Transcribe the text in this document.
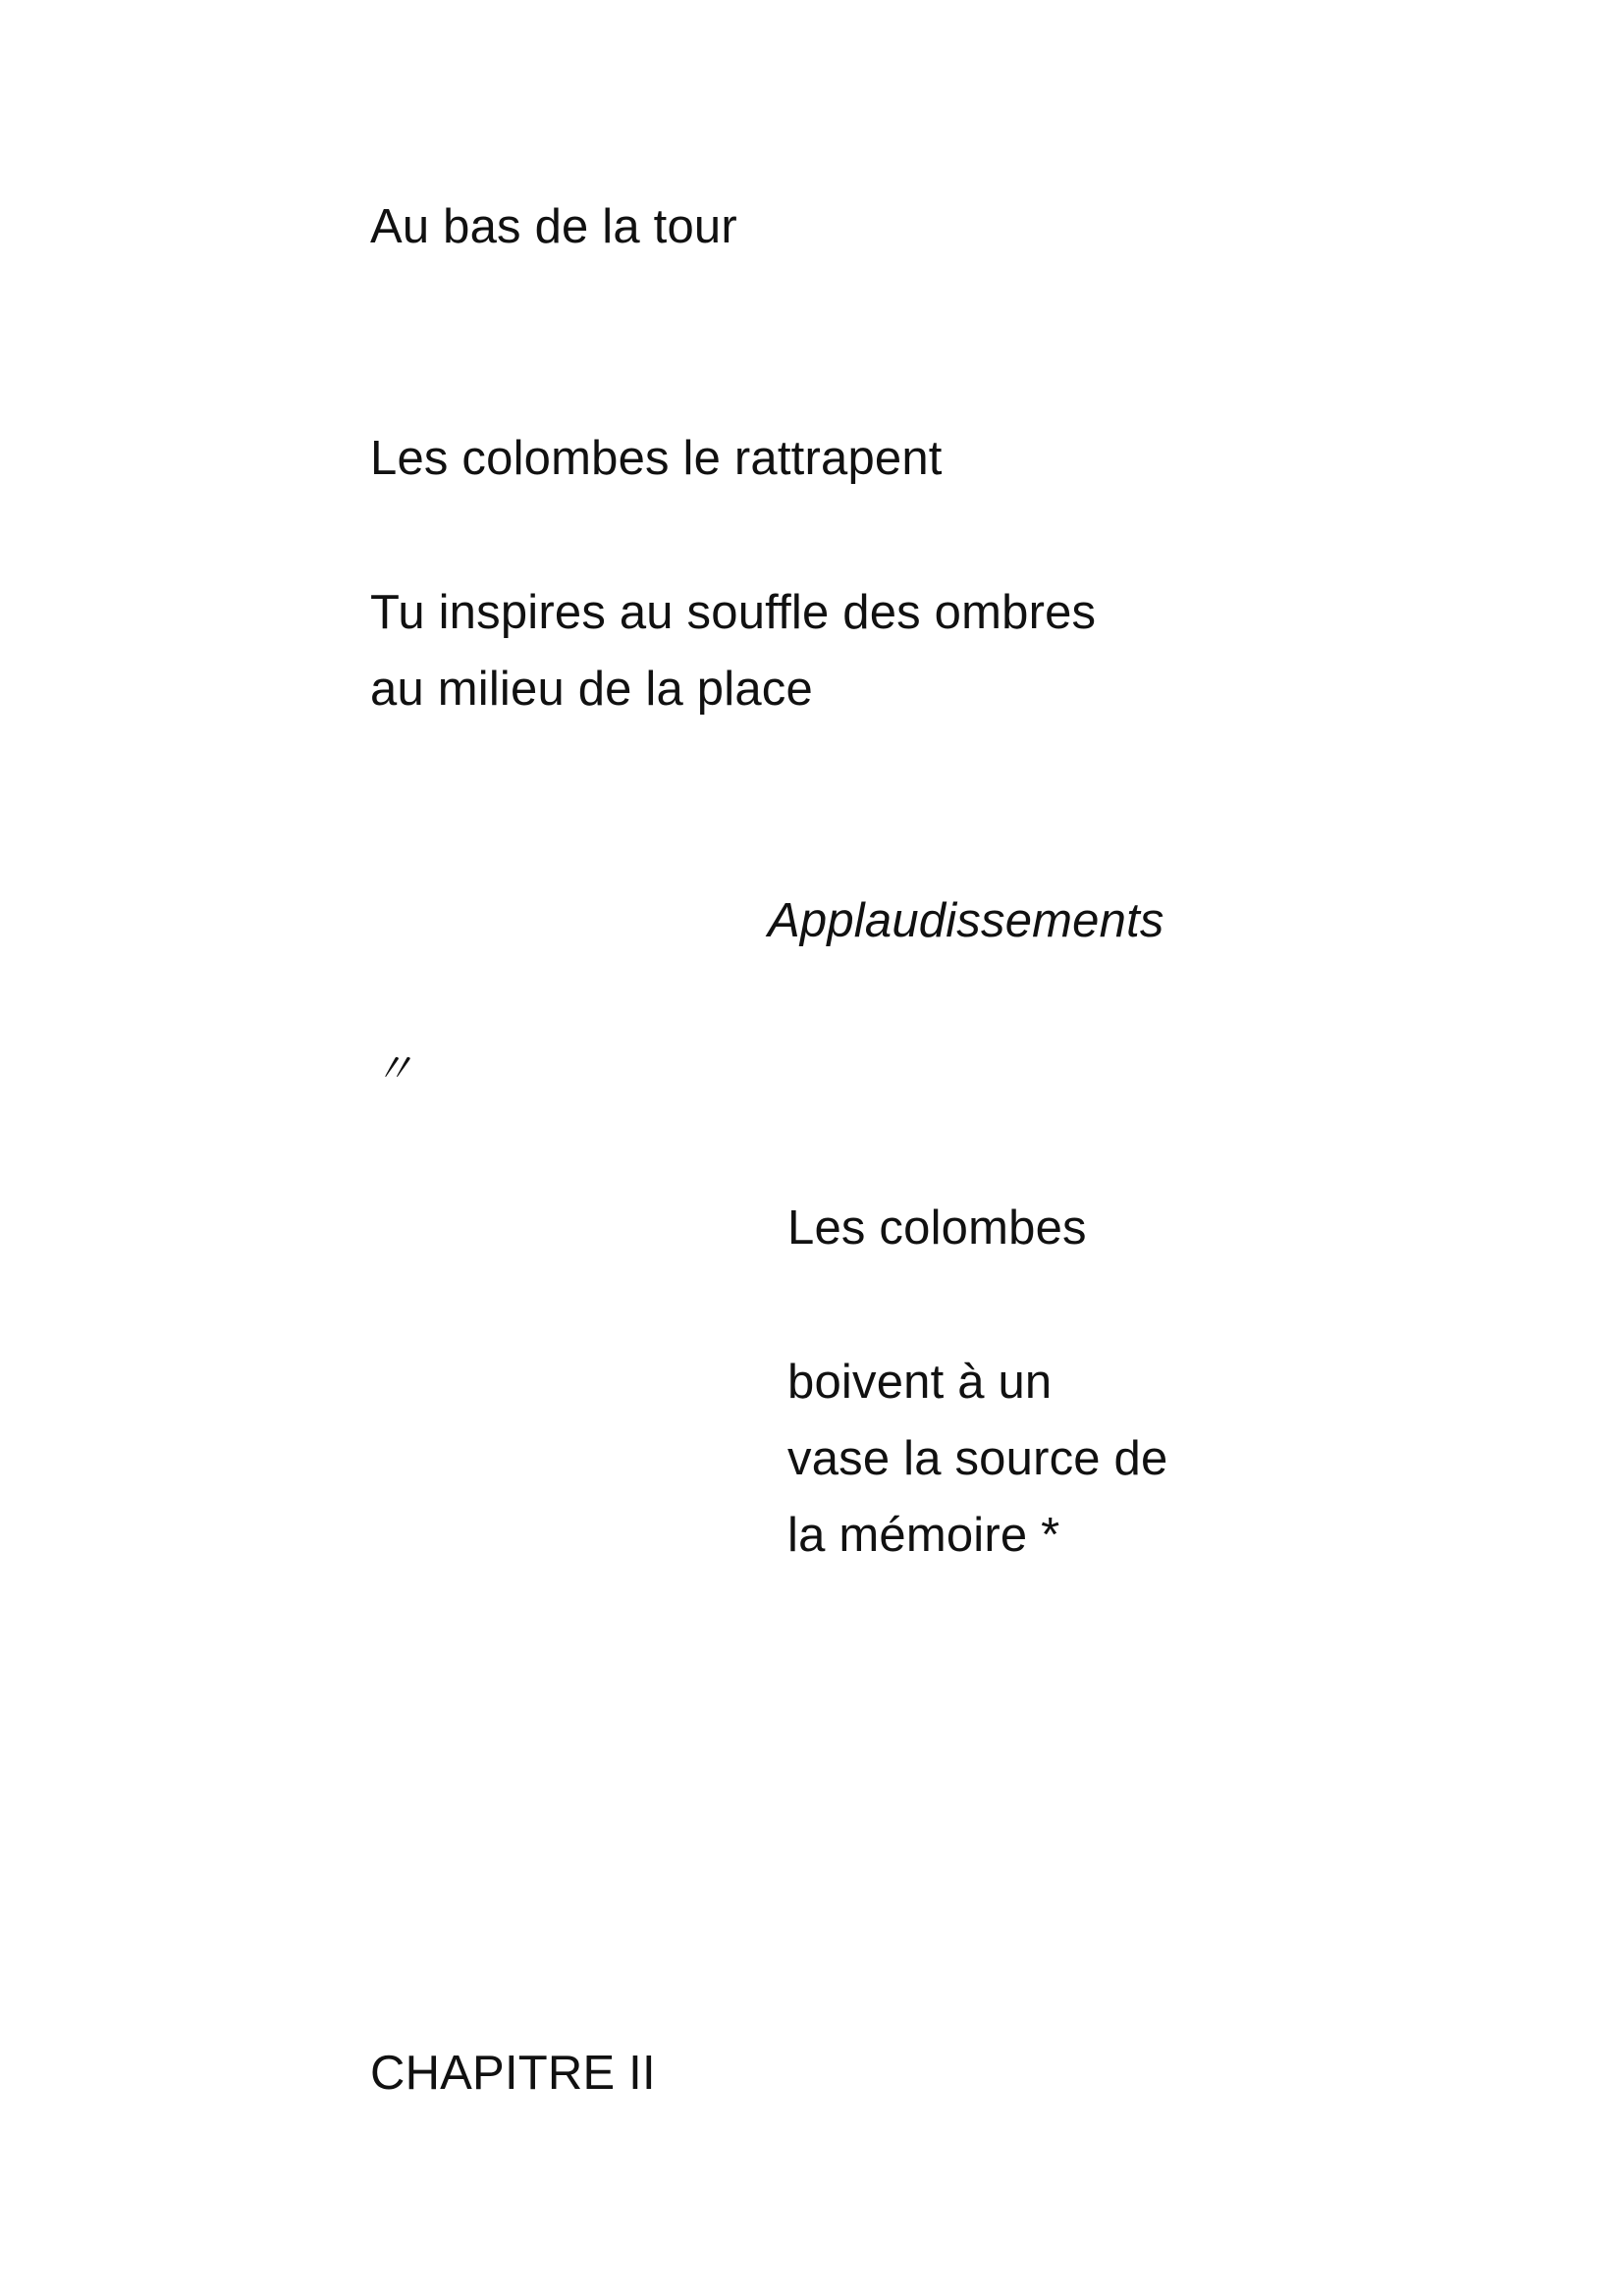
Au bas de la tour
Les colombes le rattrapent
Tu inspires au souffle des ombres
au milieu de la place
Applaudissements
〃
Les colombes
boivent à un
vase la source de
la mémoire *
CHAPITRE II
